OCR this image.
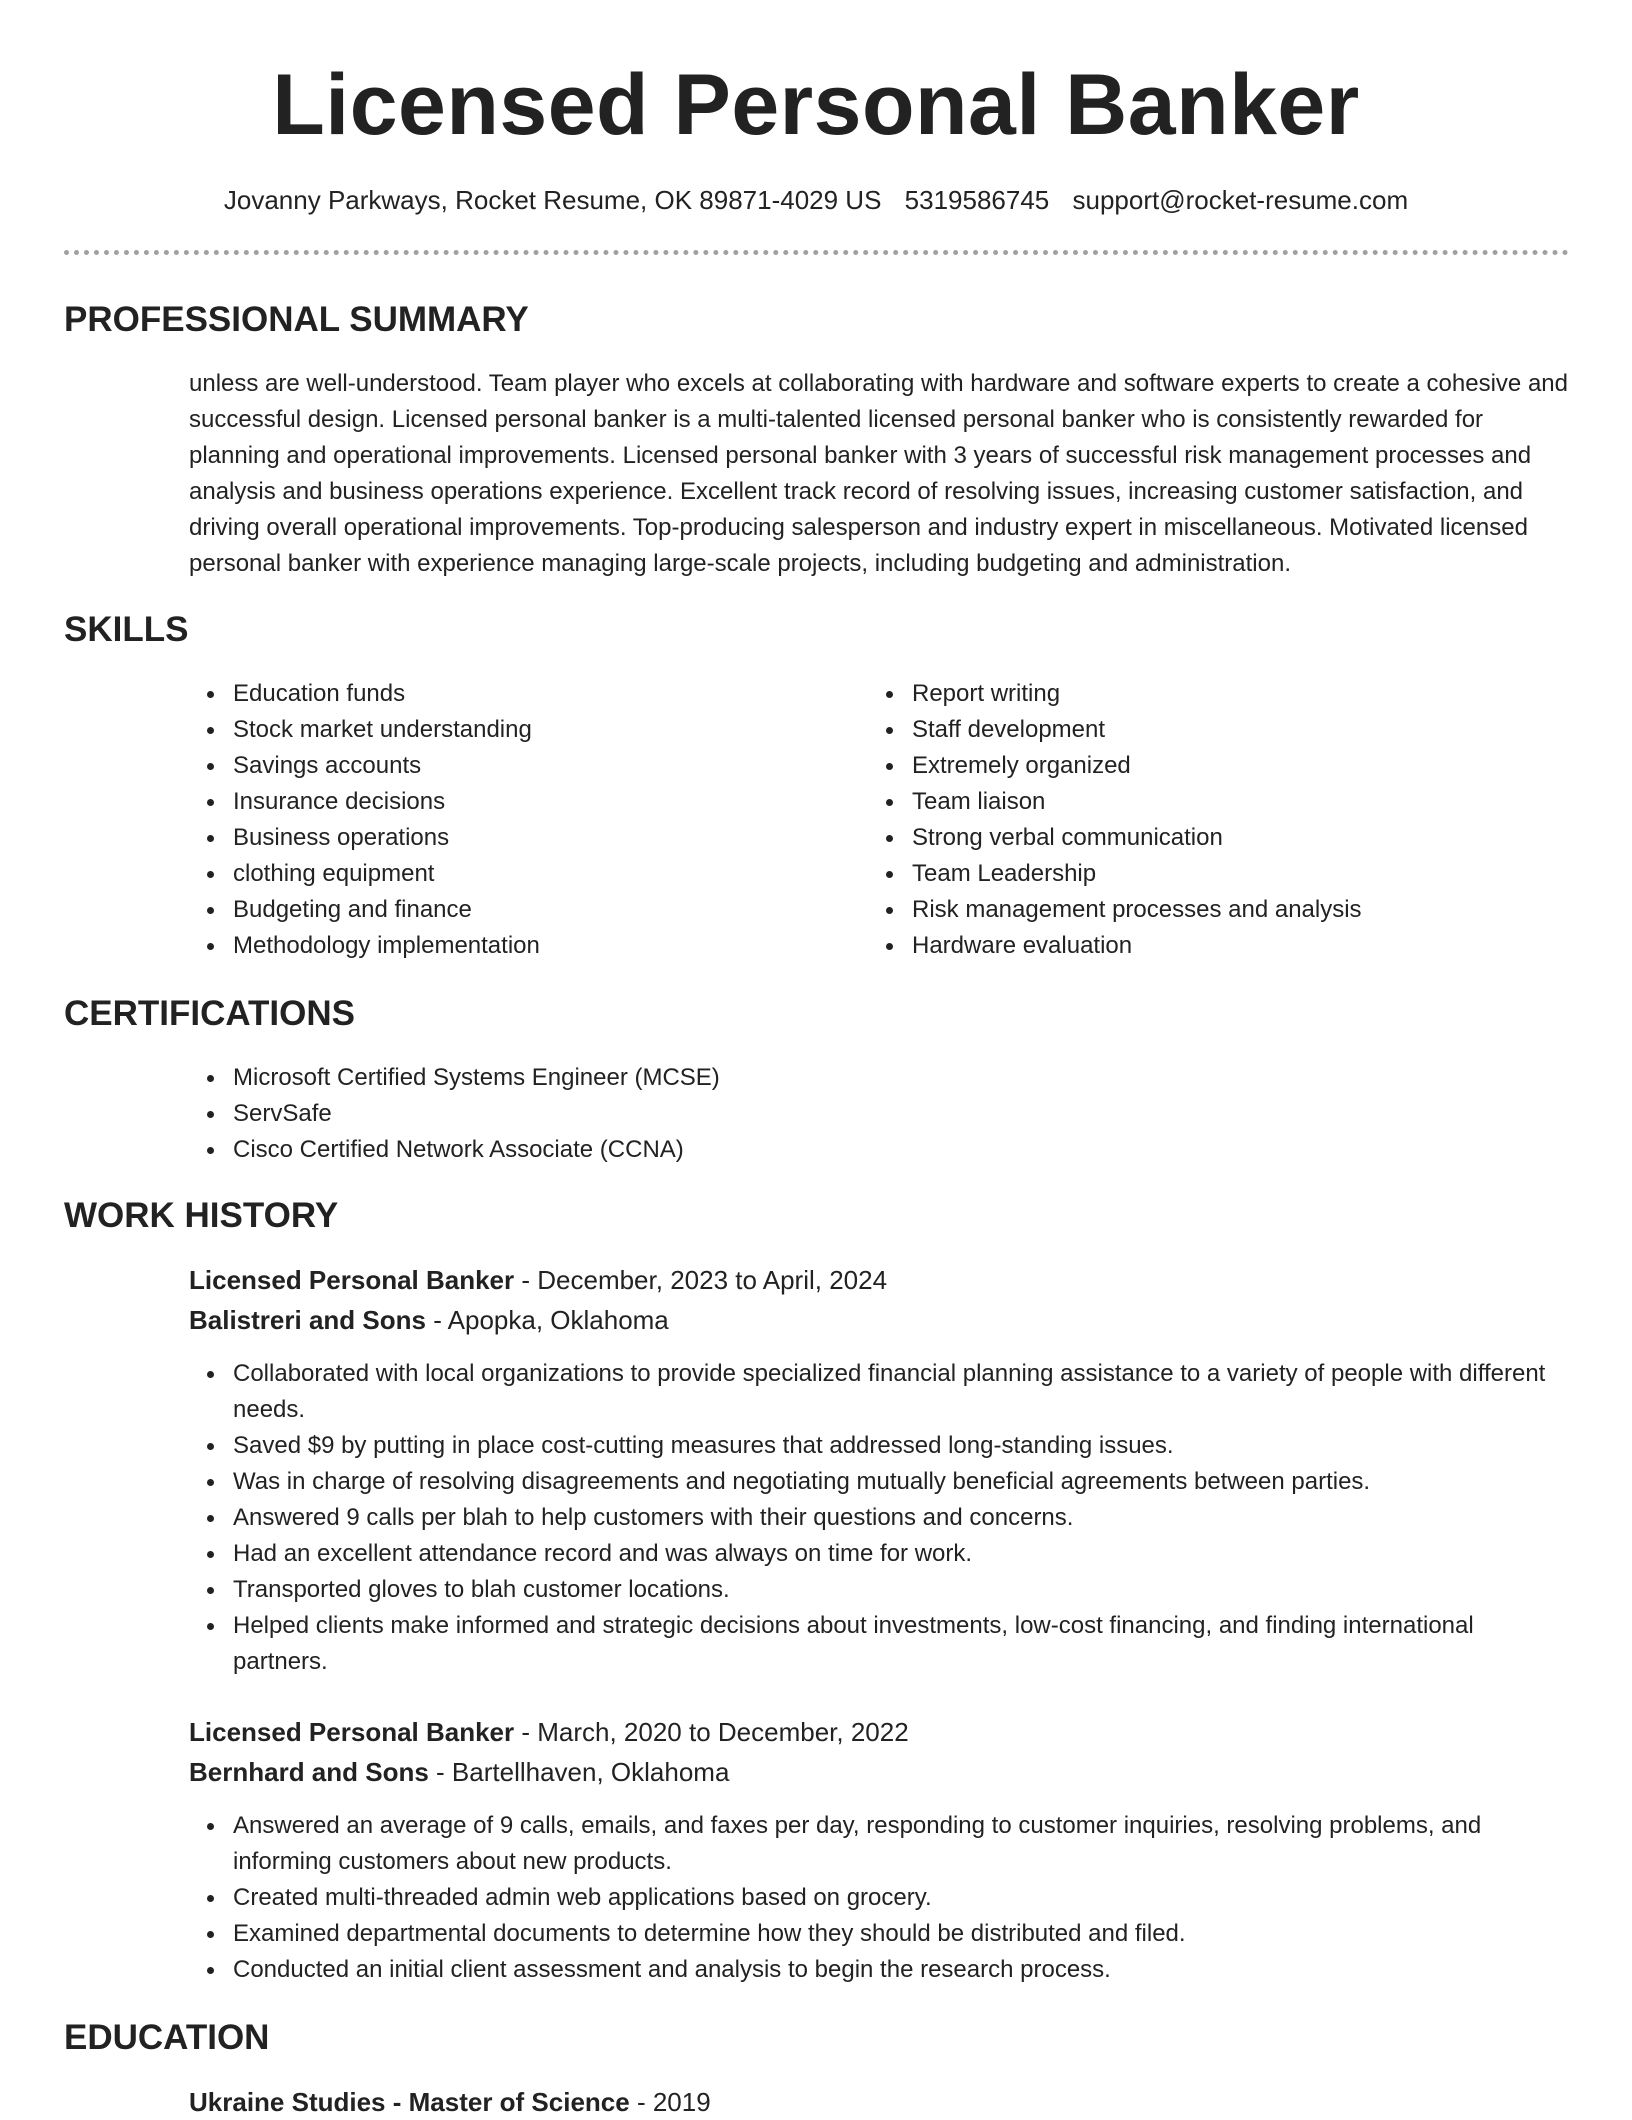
Licensed Personal Banker
Jovanny Parkways, Rocket Resume, OK 89871-4029 US 5319586745 support@rocket-resume.com
PROFESSIONAL SUMMARY

unless are well-understood. Team player who excels at collaborating with hardware and software experts to create a cohesive and successful design. Licensed personal banker is a multi-talented licensed personal banker who is consistently rewarded for planning and operational improvements. Licensed personal banker with 3 years of successful risk management processes and analysis and business operations experience. Excellent track record of resolving issues, increasing customer satisfaction, and driving overall operational improvements. Top-producing salesperson and industry expert in miscellaneous. Motivated licensed personal banker with experience managing large-scale projects, including budgeting and administration.

SKILLS
Education funds
Stock market understanding
Savings accounts
Insurance decisions
Business operations
clothing equipment
Budgeting and finance
Methodology implementation
Report writing
Staff development
Extremely organized
Team liaison
Strong verbal communication
Team Leadership
Risk management processes and analysis
Hardware evaluation
CERTIFICATIONS
Microsoft Certified Systems Engineer (MCSE)
ServSafe
Cisco Certified Network Associate (CCNA)
WORK HISTORY
Licensed Personal Banker - December, 2023 to April, 2024
Balistreri and Sons - Apopka, Oklahoma
Collaborated with local organizations to provide specialized financial planning assistance to a variety of people with different needs.
Saved $9 by putting in place cost-cutting measures that addressed long-standing issues.
Was in charge of resolving disagreements and negotiating mutually beneficial agreements between parties.
Answered 9 calls per blah to help customers with their questions and concerns.
Had an excellent attendance record and was always on time for work.
Transported gloves to blah customer locations.
Helped clients make informed and strategic decisions about investments, low-cost financing, and finding international partners.
Licensed Personal Banker - March, 2020 to December, 2022
Bernhard and Sons - Bartellhaven, Oklahoma
Answered an average of 9 calls, emails, and faxes per day, responding to customer inquiries, resolving problems, and informing customers about new products.
Created multi-threaded admin web applications based on grocery.
Examined departmental documents to determine how they should be distributed and filed.
Conducted an initial client assessment and analysis to begin the research process.
EDUCATION
Ukraine Studies - Master of Science - 2019
